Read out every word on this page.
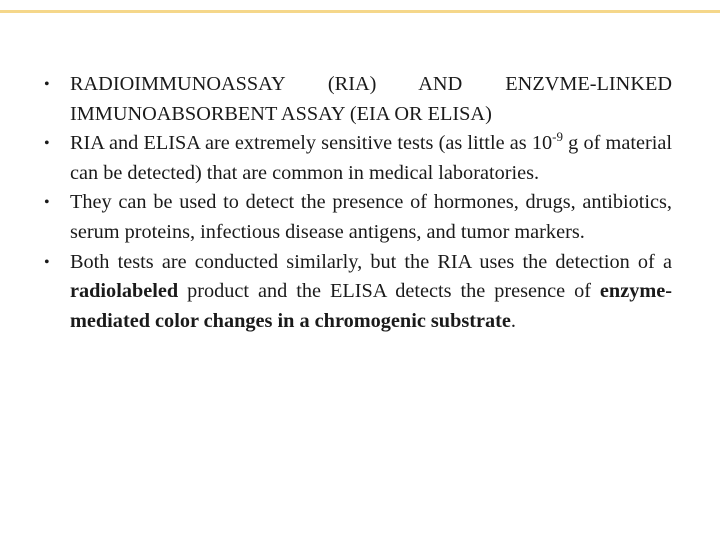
• RADIOIMMUNOASSAY (RIA) AND ENZVME-LINKED
IMMUNOABSORBENT ASSAY (EIA OR ELISA)
• RIA and ELISA are extremely sensitive tests (as little as $10^{-9}$ g of material can be detected) that are common in medical laboratories.
• They can be used to detect the presence of hormones, drugs, antibiotics, serum proteins, infectious disease antigens, and tumor markers.
• Both tests are conducted similarly, but the RIA uses the detection of a radiolabeled product and the ELISA detects the presence of enzyme-mediated color changes in a chromogenic substrate.
